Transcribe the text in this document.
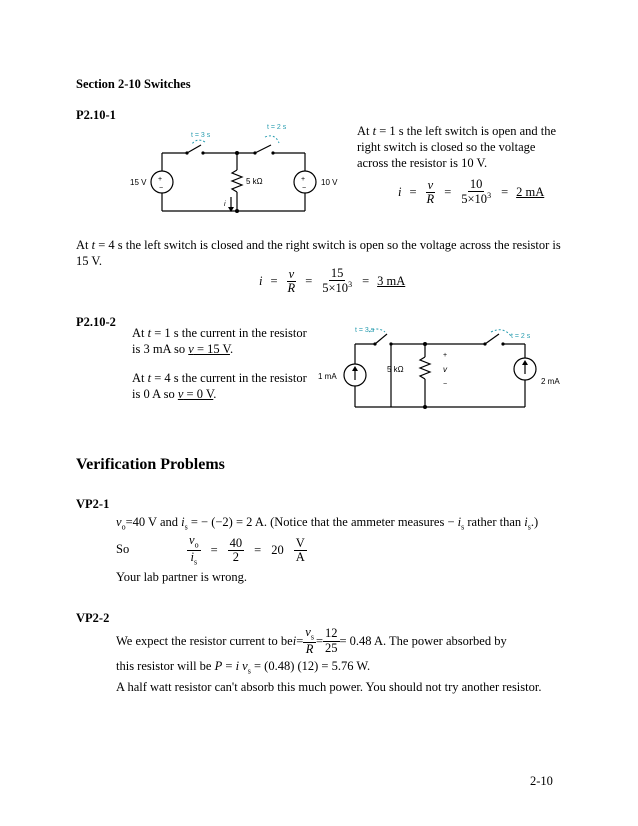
Section 2-10 Switches
P2.10-1
t = 3 s
t = 2 s
+
−
+
−
15 V	10 V
5 kΩ
i
At t = 1 s the left switch is open and the
right switch is closed so the voltage
across the resistor is 10 V.
$i = \frac{v}{R} = \frac{10}{5\times 10^3} = 2$ mA
At t = 4 s the left switch is closed and the right switch is open so the voltage across the resistor is
15 V.
$i = \frac{v}{R} = \frac{15}{5\times 10^3} = 3$ mA
P2.10-2
At t = 1 s the current in the resistor
is 3 mA so v = 15 V.
At t = 4 s the current in the resistor
is 0 A so v = 0 V.
t = 3 s
t = 2 s
1 mA
2 mA
5 kΩ
+
v
−
Verification Problems
VP2-1
$v_o=40$ V and $i_s$ = − (−2) = 2 A. (Notice that the ammeter measures − $i_s$ rather than $i_s$.)
So	$\frac{v_o}{i_s} = \frac{40}{2} = 20 \frac{V}{A}$
Your lab partner is wrong.
VP2-2
We expect the resistor current to be $i = \frac{v_s}{R} = \frac{12}{25} = 0.48$ A. The power absorbed by
this resistor will be P = i $v_s = (0.48) (12) = 5.76$ W.
A half watt resistor can't absorb this much power. You should not try another resistor.
2-10
